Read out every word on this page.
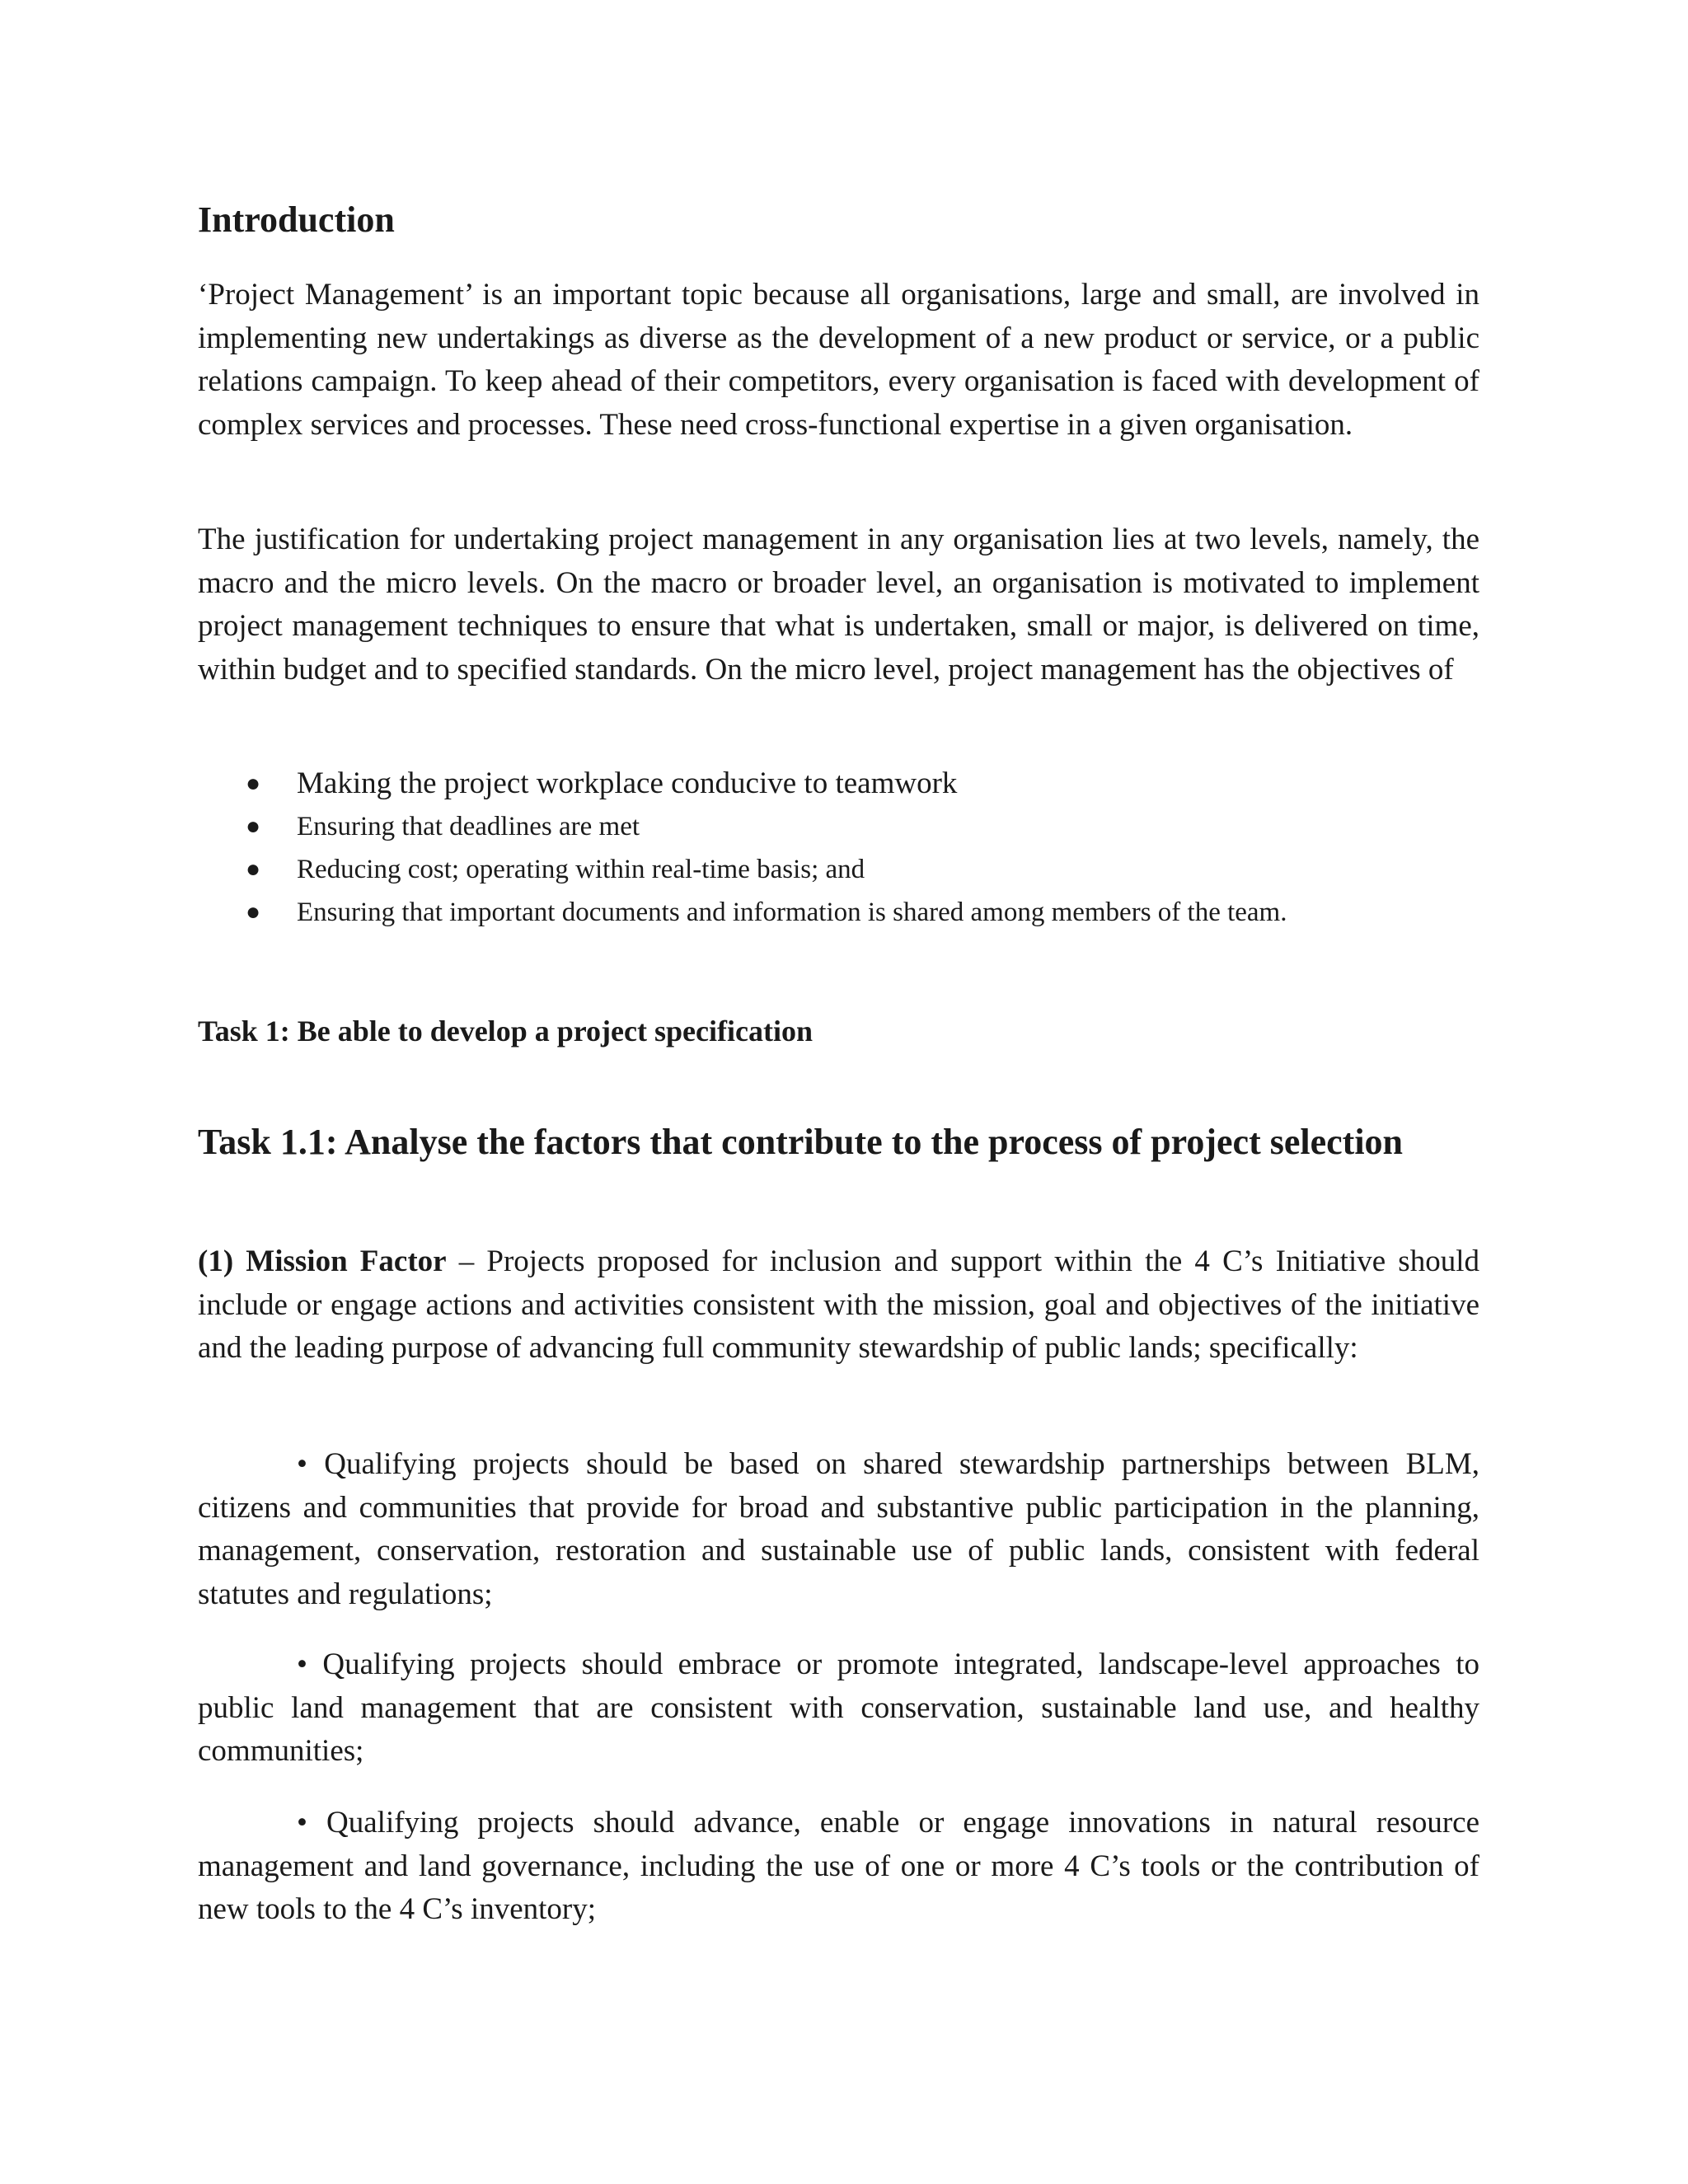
Introduction

‘Project Management’ is an important topic because all organisations, large and small, are involved in implementing new undertakings as diverse as the development of a new product or service, or a public relations campaign. To keep ahead of their competitors, every organisation is faced with development of complex services and processes. These need cross-functional expertise in a given organisation.

The justification for undertaking project management in any organisation lies at two levels, namely, the macro and the micro levels. On the macro or broader level, an organisation is motivated to implement project management techniques to ensure that what is undertaken, small or major, is delivered on time, within budget and to specified standards. On the micro level, project management has the objectives of

● Making the project workplace conducive to teamwork
● Ensuring that deadlines are met
● Reducing cost; operating within real-time basis; and
● Ensuring that important documents and information is shared among members of the team.
Task 1: Be able to develop a project specification
Task 1.1: Analyse the factors that contribute to the process of project selection

(1) Mission Factor – Projects proposed for inclusion and support within the 4 C’s Initiative should include or engage actions and activities consistent with the mission, goal and objectives of the initiative and the leading purpose of advancing full community stewardship of public lands; specifically:

• Qualifying projects should be based on shared stewardship partnerships between BLM, citizens and communities that provide for broad and substantive public participation in the planning, management, conservation, restoration and sustainable use of public lands, consistent with federal statutes and regulations;

• Qualifying projects should embrace or promote integrated, landscape-level approaches to public land management that are consistent with conservation, sustainable land use, and healthy communities;

• Qualifying projects should advance, enable or engage innovations in natural resource management and land governance, including the use of one or more 4 C’s tools or the contribution of new tools to the 4 C’s inventory;
